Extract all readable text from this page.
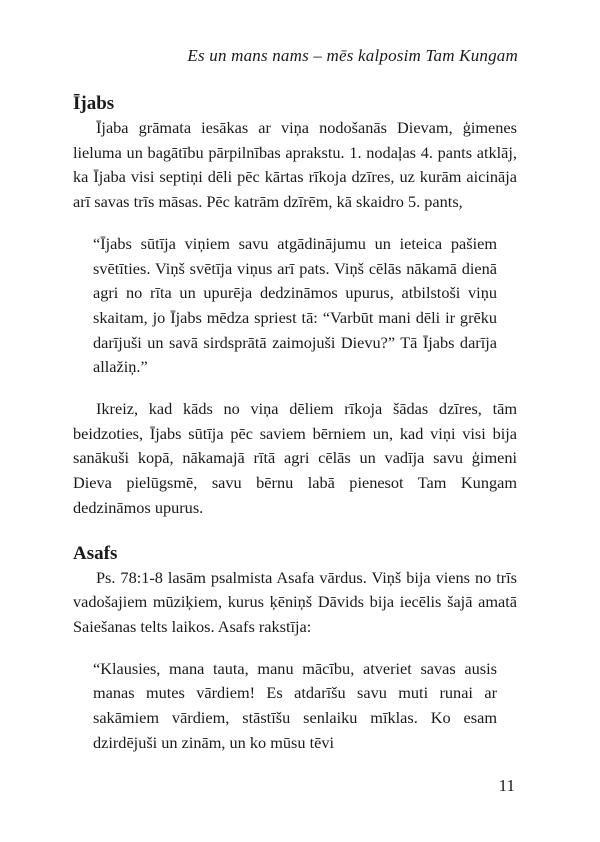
Es un mans nams – mēs kalposim Tam Kungam
Ījabs

Ījaba grāmata iesākas ar viņa nodošanās Dievam, ģimenes lieluma un bagātību pārpilnības aprakstu. 1. nodaļas 4. pants atklāj, ka Ījaba visi septiņi dēli pēc kārtas rīkoja dzīres, uz kurām aicināja arī savas trīs māsas. Pēc katrām dzīrēm, kā skaidro 5. pants,

“Ījabs sūtīja viņiem savu atgādinājumu un ieteica pašiem svētīties. Viņš svētīja viņus arī pats. Viņš cēlās nākamā dienā agri no rīta un upurēja dedzināmos upurus, atbilstoši viņu skaitam, jo Ījabs mēdza spriest tā: “Varbūt mani dēli ir grēku darījuši un savā sirdsprātā zaimojuši Dievu?” Tā Ījabs darīja allažiņ.”

Ikreiz, kad kāds no viņa dēliem rīkoja šādas dzīres, tām beidzoties, Ījabs sūtīja pēc saviem bērniem un, kad viņi visi bija sanākuši kopā, nākamajā rītā agri cēlās un vadīja savu ģimeni Dieva pielūgsmē, savu bērnu labā pienesot Tam Kungam dedzināmos upurus.

Asafs

Ps. 78:1-8 lasām psalmista Asafa vārdus. Viņš bija viens no trīs vadošajiem mūziķiem, kurus ķēniņš Dāvids bija iecēlis šajā amatā Saiešanas telts laikos. Asafs rakstīja:

“Klausies, mana tauta, manu mācību, atveriet savas ausis manas mutes vārdiem! Es atdarīšu savu muti runai ar sakāmiem vārdiem, stāstīšu senlaiku mīklas. Ko esam dzirdējuši un zinām, un ko mūsu tēvi

11
